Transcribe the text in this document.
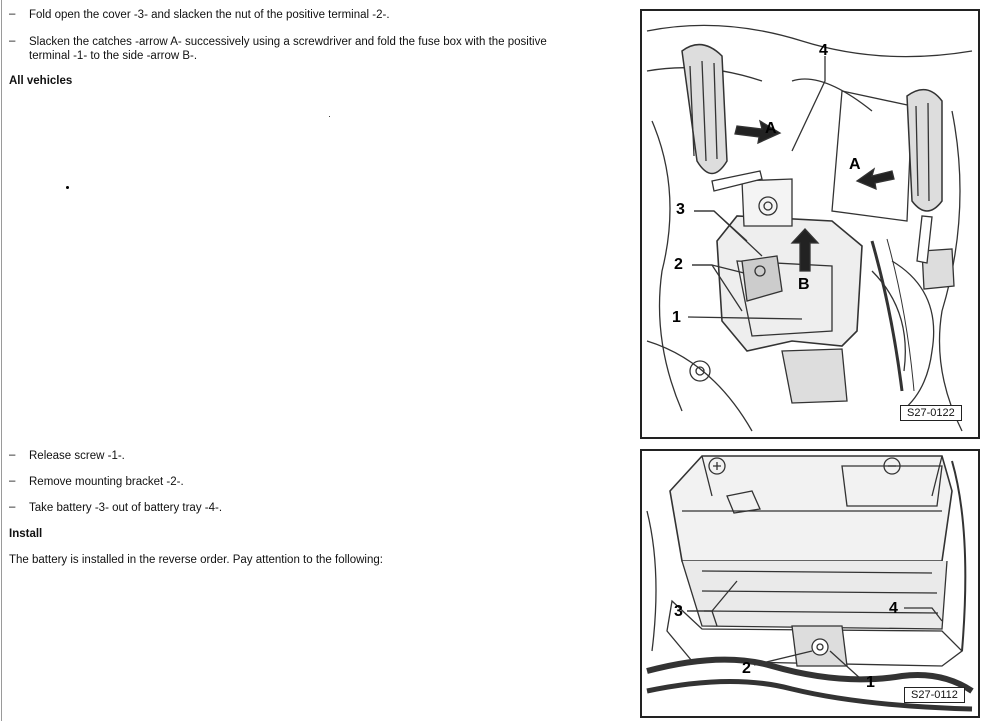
– Fold open the cover -3- and slacken the nut of the positive terminal -2-.
– Slacken the catches -arrow A- successively using a screwdriver and fold the fuse box with the positive
terminal -1- to the side -arrow B-.
All vehicles
– Release screw -1-.
– Remove mounting bracket -2-.
– Take battery -3- out of battery tray -4-.
Install
The battery is installed in the reverse order. Pay attention to the following:
4
A
A
3
2
1
B
S27-0122
3	4
2
1
S27-0112
